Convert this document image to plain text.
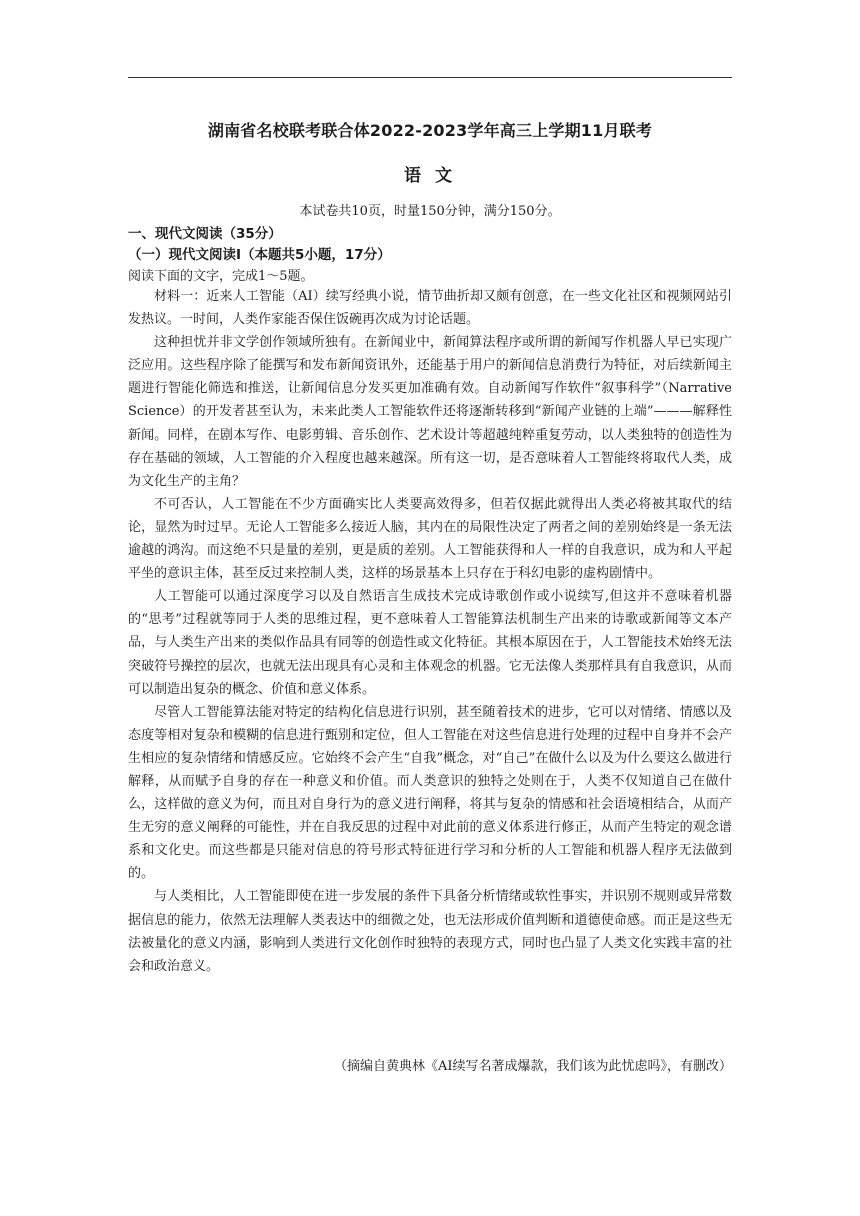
湖南省名校联考联合体2022-2023学年高三上学期11月联考
语 文
本试卷共10页，时量150分钟，满分150分。
一、现代文阅读（35分）
（一）现代文阅读Ⅰ（本题共5小题，17分）
阅读下面的文字，完成1～5题。

材料一：近来人工智能（AI）续写经典小说，情节曲折却又颇有创意，在一些文化社区和视频网站引发热议。一时间，人类作家能否保住饭碗再次成为讨论话题。

这种担忧并非文学创作领域所独有。在新闻业中，新闻算法程序或所谓的新闻写作机器人早已实现广泛应用。这些程序除了能撰写和发布新闻资讯外，还能基于用户的新闻信息消费行为特征，对后续新闻主题进行智能化筛选和推送，让新闻信息分发买更加准确有效。自动新闻写作软件“叙事科学”（Narrative Science）的开发者甚至认为，未来此类人工智能软件还将逐渐转移到“新闻产业链的上端”———解释性新闻。同样，在剧本写作、电影剪辑、音乐创作、艺术设计等超越纯粹重复劳动，以人类独特的创造性为存在基础的领域，人工智能的介入程度也越来越深。所有这一切，是否意味着人工智能终将取代人类，成为文化生产的主角？

不可否认，人工智能在不少方面确实比人类要高效得多，但若仅据此就得出人类必将被其取代的结论，显然为时过早。无论人工智能多么接近人脑，其内在的局限性决定了两者之间的差别始终是一条无法逾越的鸿沟。而这绝不只是量的差别，更是质的差别。人工智能获得和人一样的自我意识，成为和人平起平坐的意识主体，甚至反过来控制人类，这样的场景基本上只存在于科幻电影的虚构剧情中。

人工智能可以通过深度学习以及自然语言生成技术完成诗歌创作或小说续写,但这并不意味着机器的“思考”过程就等同于人类的思维过程，更不意味着人工智能算法机制生产出来的诗歌或新闻等文本产品，与人类生产出来的类似作品具有同等的创造性或文化特征。其根本原因在于，人工智能技术始终无法突破符号操控的层次，也就无法出现具有心灵和主体观念的机器。它无法像人类那样具有自我意识，从而可以制造出复杂的概念、价值和意义体系。

尽管人工智能算法能对特定的结构化信息进行识别，甚至随着技术的进步，它可以对情绪、情感以及态度等相对复杂和模糊的信息进行甄别和定位，但人工智能在对这些信息进行处理的过程中自身并不会产生相应的复杂情绪和情感反应。它始终不会产生“自我”概念，对“自己”在做什么以及为什么要这么做进行解释，从而赋予自身的存在一种意义和价值。而人类意识的独特之处则在于，人类不仅知道自己在做什么，这样做的意义为何，而且对自身行为的意义进行阐释，将其与复杂的情感和社会语境相结合，从而产生无穷的意义阐释的可能性，并在自我反思的过程中对此前的意义体系进行修正，从而产生特定的观念谱系和文化史。而这些都是只能对信息的符号形式特征进行学习和分析的人工智能和机器人程序无法做到的。

与人类相比，人工智能即使在进一步发展的条件下具备分析情绪或软性事实，并识别不规则或异常数据信息的能力，依然无法理解人类表达中的细微之处，也无法形成价值判断和道德使命感。而正是这些无法被量化的意义内涵，影响到人类进行文化创作时独特的表现方式，同时也凸显了人类文化实践丰富的社会和政治意义。

（摘编自黄典林《AI续写名著成爆款，我们该为此忧虑吗》，有删改）
